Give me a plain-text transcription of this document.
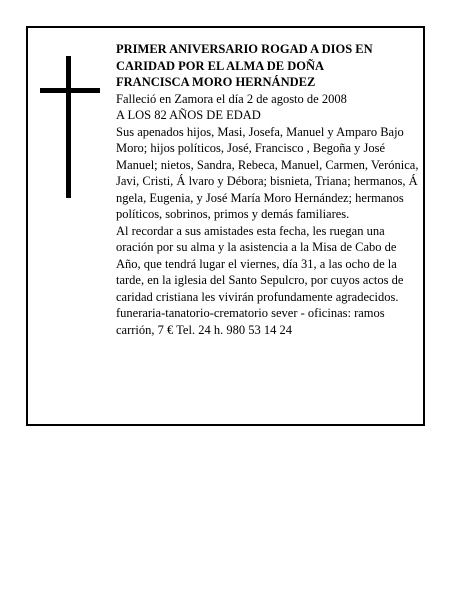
PRIMER ANIVERSARIO ROGAD A DIOS EN
CARIDAD POR EL ALMA DE DOÑA
FRANCISCA MORO HERNÁNDEZ

Falleció en Zamora el día 2 de agosto de 2008

A LOS 82 AÑOS DE EDAD

Sus apenados hijos, Masi, Josefa, Manuel y Amparo Bajo Moro; hijos políticos, José, Francisco , Begoña y José Manuel; nietos, Sandra, Rebeca, Manuel, Carmen, Verónica, Javi, Cristi, Á lvaro y Débora; bisnieta, Triana; hermanos, Á ngela, Eugenia, y José María Moro Hernández; hermanos políticos, sobrinos, primos y demás familiares.

Al recordar a sus amistades esta fecha, les ruegan una oración por su alma y la asistencia a la Misa de Cabo de Año, que tendrá lugar el viernes, día 31, a las ocho de la tarde, en la iglesia del Santo Sepulcro, por cuyos actos de caridad cristiana les vivirán profundamente agradecidos.

funeraria-tanatorio-crematorio sever - oficinas: ramos carrión, 7 € Tel. 24 h. 980 53 14 24
